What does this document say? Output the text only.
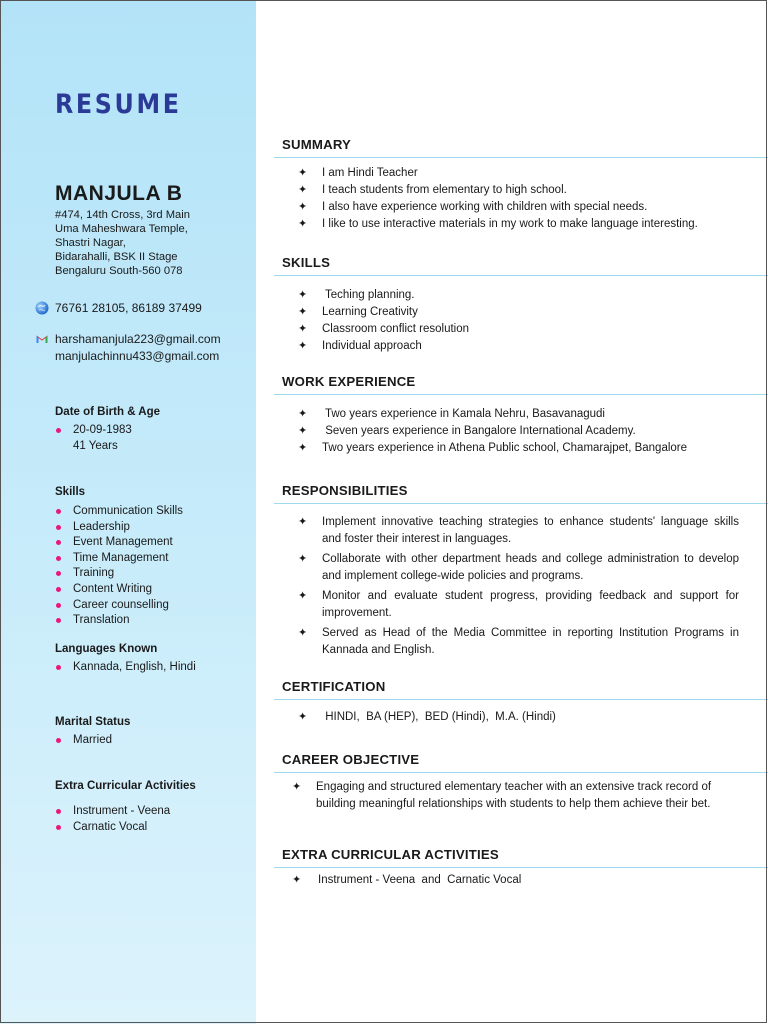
RESUME
MANJULA B
#474, 14th Cross, 3rd Main
Uma Maheshwara Temple,
Shastri Nagar,
Bidarahalli, BSK II Stage
Bengaluru South-560 078
76761 28105, 86189 37499
harshamanjula223@gmail.com
manjulachinnu433@gmail.com
Date of Birth & Age
20-09-1983
41 Years
Skills
Communication Skills
Leadership
Event Management
Time Management
Training
Content Writing
Career counselling
Translation
Languages Known
Kannada, English, Hindi
Marital Status
Married
Extra Curricular Activities
Instrument - Veena
Carnatic Vocal
SUMMARY
✦ I am Hindi Teacher
✦ I teach students from elementary to high school.
✦ I also have experience working with children with special needs.
✦ I like to use interactive materials in my work to make language interesting.
SKILLS
✦ Teching planning.
✦ Learning Creativity
✦ Classroom conflict resolution
✦ Individual approach
WORK EXPERIENCE
✦ Two years experience in Kamala Nehru, Basavanagudi
✦ Seven years experience in Bangalore International Academy.
✦ Two years experience in Athena Public school, Chamarajpet, Bangalore
RESPONSIBILITIES
✦ Implement innovative teaching strategies to enhance students' language skills and foster their interest in languages.
✦ Collaborate with other department heads and college administration to develop and implement college-wide policies and programs.
✦ Monitor and evaluate student progress, providing feedback and support for improvement.
✦ Served as Head of the Media Committee in reporting Institution Programs in Kannada and English.
CERTIFICATION
✦ HINDI,  BA (HEP),  BED (Hindi),  M.A. (Hindi)
CAREER OBJECTIVE
✦ Engaging and structured elementary teacher with an extensive track record of building meaningful relationships with students to help them achieve their bet.
EXTRA CURRICULAR ACTIVITIES
✦ Instrument - Veena  and  Carnatic Vocal
